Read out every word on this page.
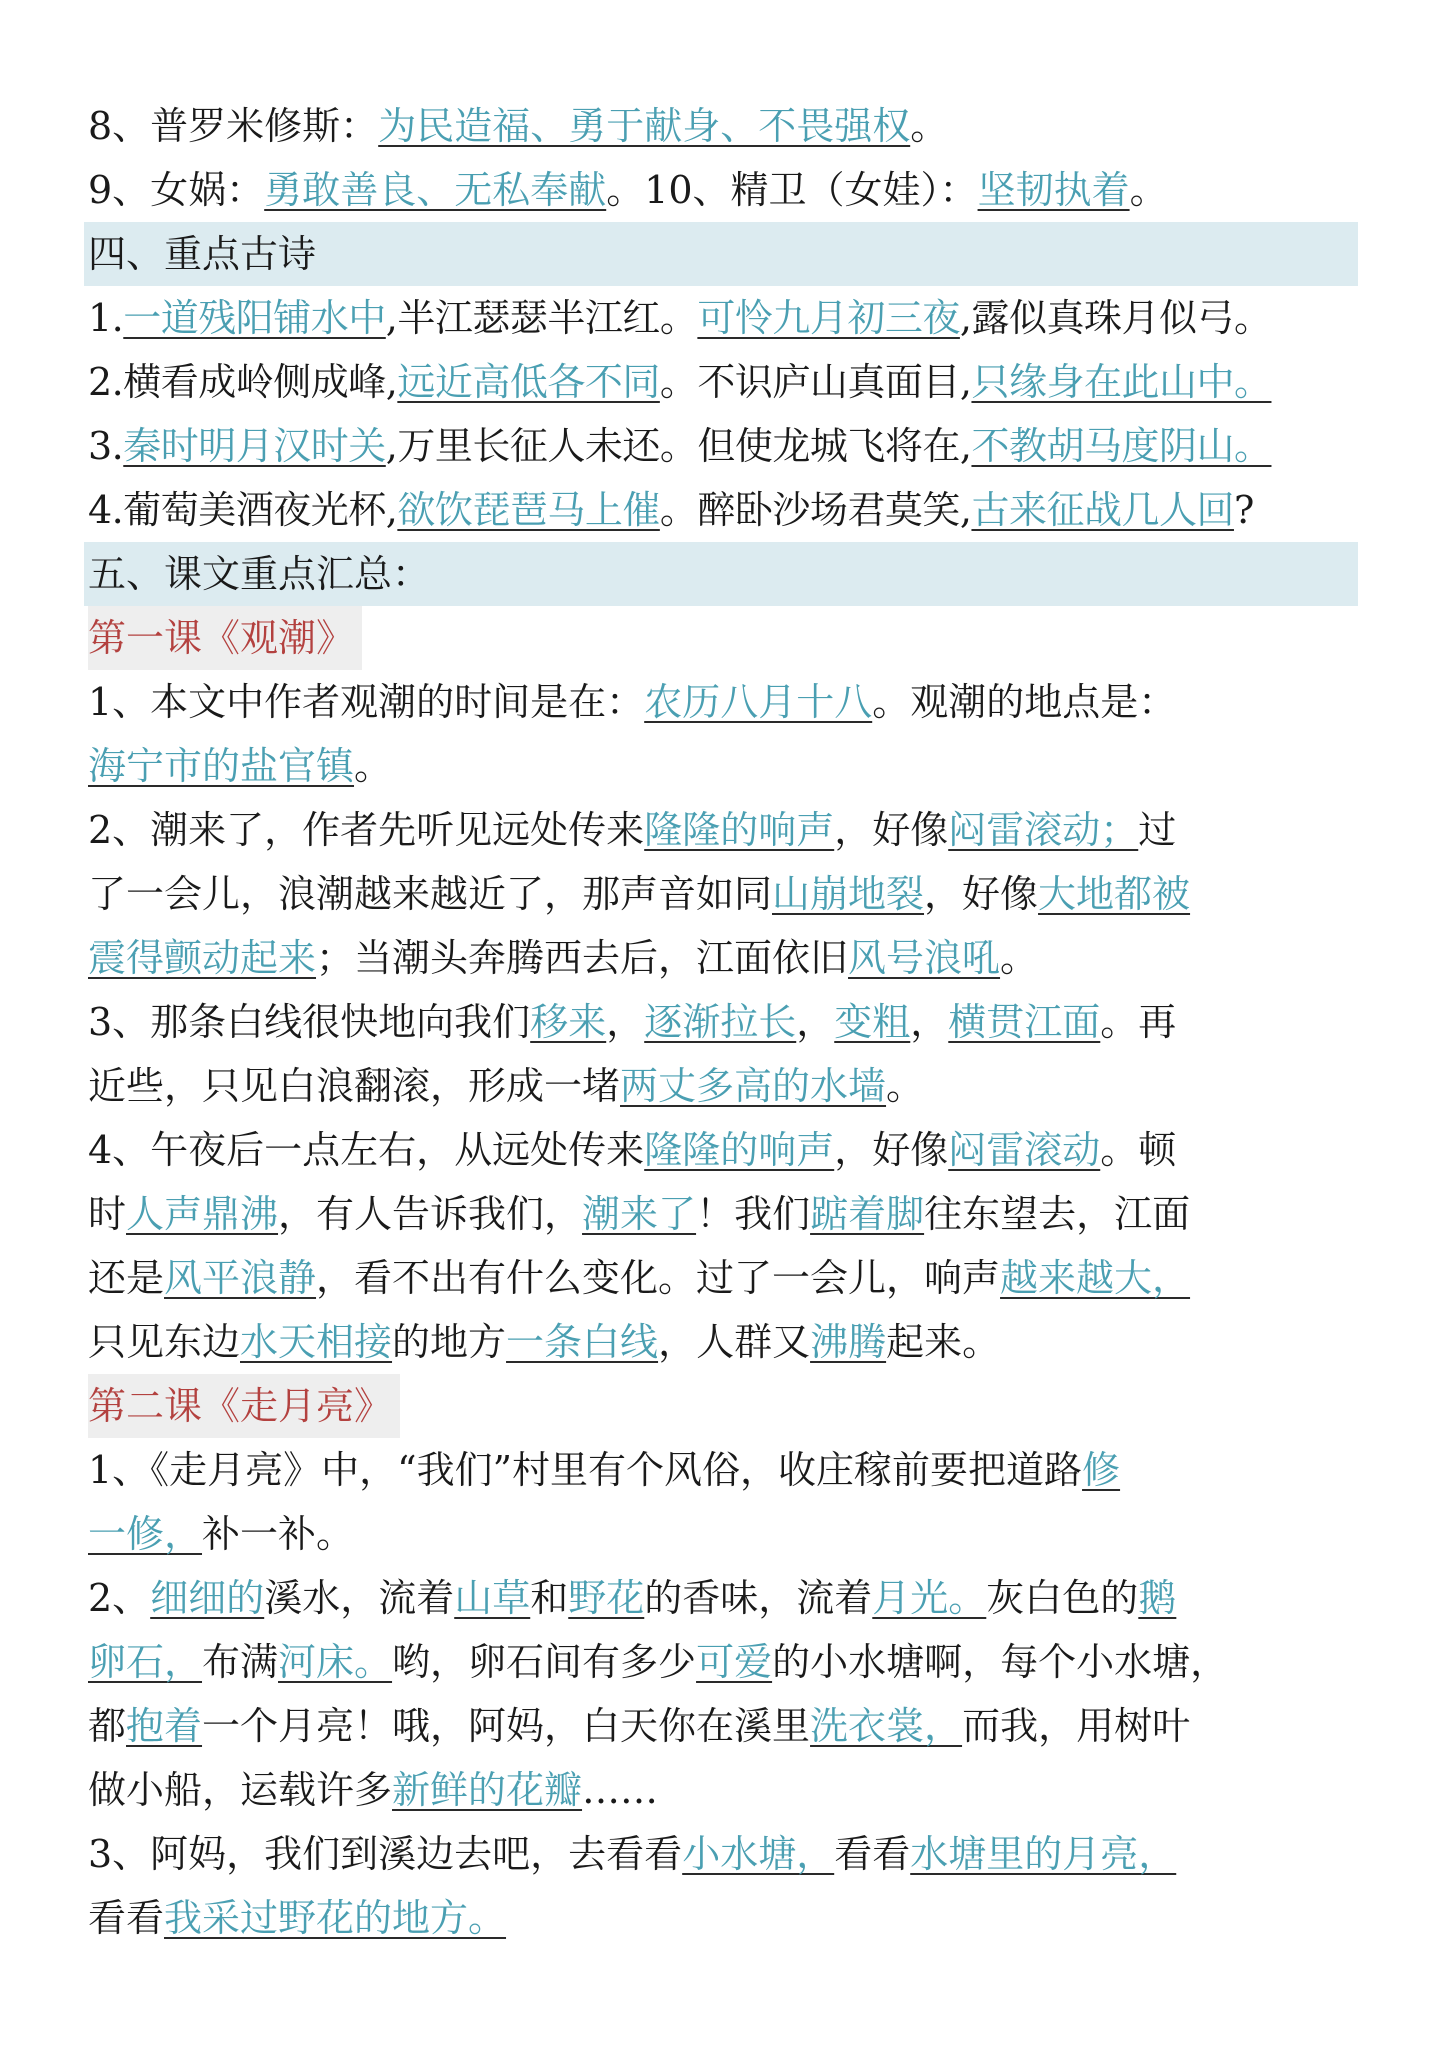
8、普罗米修斯：为民造福、勇于献身、不畏强权。
9、女娲：勇敢善良、无私奉献。10、精卫（女娃）：坚韧执着。
四、重点古诗
1.一道残阳铺水中,半江瑟瑟半江红。可怜九月初三夜,露似真珠月似弓。
2.横看成岭侧成峰,远近高低各不同。不识庐山真面目,只缘身在此山中。
3.秦时明月汉时关,万里长征人未还。但使龙城飞将在,不教胡马度阴山。
4.葡萄美酒夜光杯,欲饮琵琶马上催。醉卧沙场君莫笑,古来征战几人回?
五、课文重点汇总：
第一课《观潮》
1、本文中作者观潮的时间是在：农历八月十八。观潮的地点是：
海宁市的盐官镇。
2、潮来了，作者先听见远处传来隆隆的响声，好像闷雷滚动；过
了一会儿，浪潮越来越近了，那声音如同山崩地裂，好像大地都被
震得颤动起来；当潮头奔腾西去后，江面依旧风号浪吼。
3、那条白线很快地向我们移来，逐渐拉长，变粗，横贯江面。再
近些，只见白浪翻滚，形成一堵两丈多高的水墙。
4、午夜后一点左右，从远处传来隆隆的响声，好像闷雷滚动。顿
时人声鼎沸，有人告诉我们，潮来了！我们踮着脚往东望去，江面
还是风平浪静，看不出有什么变化。过了一会儿，响声越来越大，
只见东边水天相接的地方一条白线，人群又沸腾起来。
第二课《走月亮》
1、《走月亮》中，“我们”村里有个风俗，收庄稼前要把道路修
一修，补一补。
2、细细的溪水，流着山草和野花的香味，流着月光。灰白色的鹅
卵石，布满河床。哟，卵石间有多少可爱的小水塘啊，每个小水塘，
都抱着一个月亮！哦，阿妈，白天你在溪里洗衣裳，而我，用树叶
做小船，运载许多新鲜的花瓣……
3、阿妈，我们到溪边去吧，去看看小水塘，看看水塘里的月亮，
看看我采过野花的地方。
